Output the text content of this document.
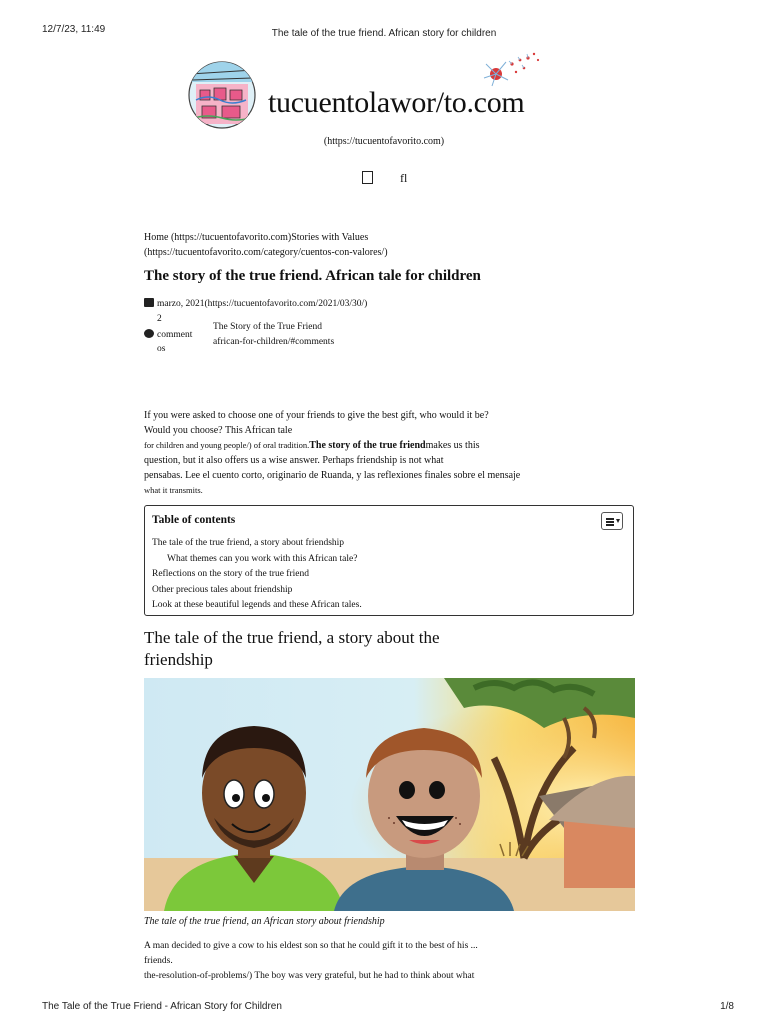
12/7/23, 11:49	The tale of the true friend. African story for children
tucuentolawor/to.com
(https://tucuentofavorito.com)
fl
Home (https://tucuentofavorito.com)Stories with Values
(https://tucuentofavorito.com/category/cuentos-con-valores/)
The story of the true friend. African tale for children
marzo, 2021(https://tucuentofavorito.com/2021/03/30/)
2
comment
os
The Story of the True Friend
african-for-children/#comments
If you were asked to choose one of your friends to give the best gift, who would it be?
Would you choose? This African tale
for children and young people/) of oral tradition.The story of the true friendmakes us this
question, but it also offers us a wise answer. Perhaps friendship is not what
pensabas. Lee el cuento corto, originario de Ruanda, y las reflexiones finales sobre el mensaje
what it transmits.
Table of contents
The tale of the true friend, a story about friendship
What themes can you work with this African tale?
Reflections on the story of the true friend
Other precious tales about friendship
Look at these beautiful legends and these African tales.
The tale of the true friend, a story about the friendship
The tale of the true friend, an African story about friendship
A man decided to give a cow to his eldest son so that he could gift it to the best of his ...
friends.
the-resolution-of-problems/) The boy was very grateful, but he had to think about what
The Tale of the True Friend - African Story for Children	1/8
